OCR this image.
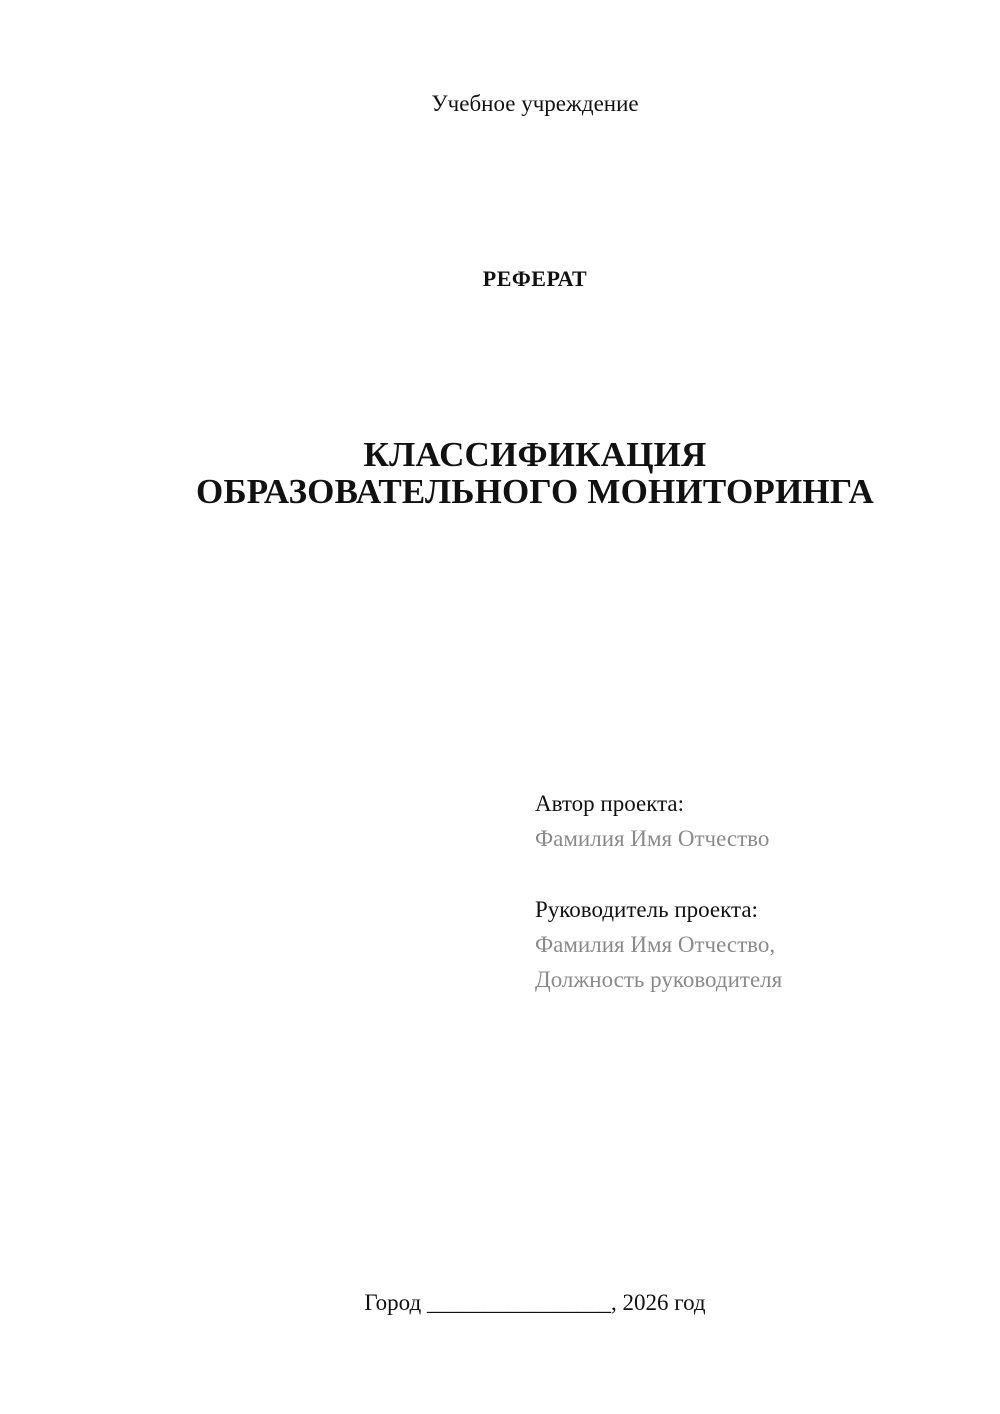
Учебное учреждение

РЕФЕРАТ

КЛАССИФИКАЦИЯ
ОБРАЗОВАТЕЛЬНОГО МОНИТОРИНГА
Автор проекта:
Фамилия Имя Отчество
Руководитель проекта:
Фамилия Имя Отчество,
Должность руководителя

Город ________________, 2026 год
